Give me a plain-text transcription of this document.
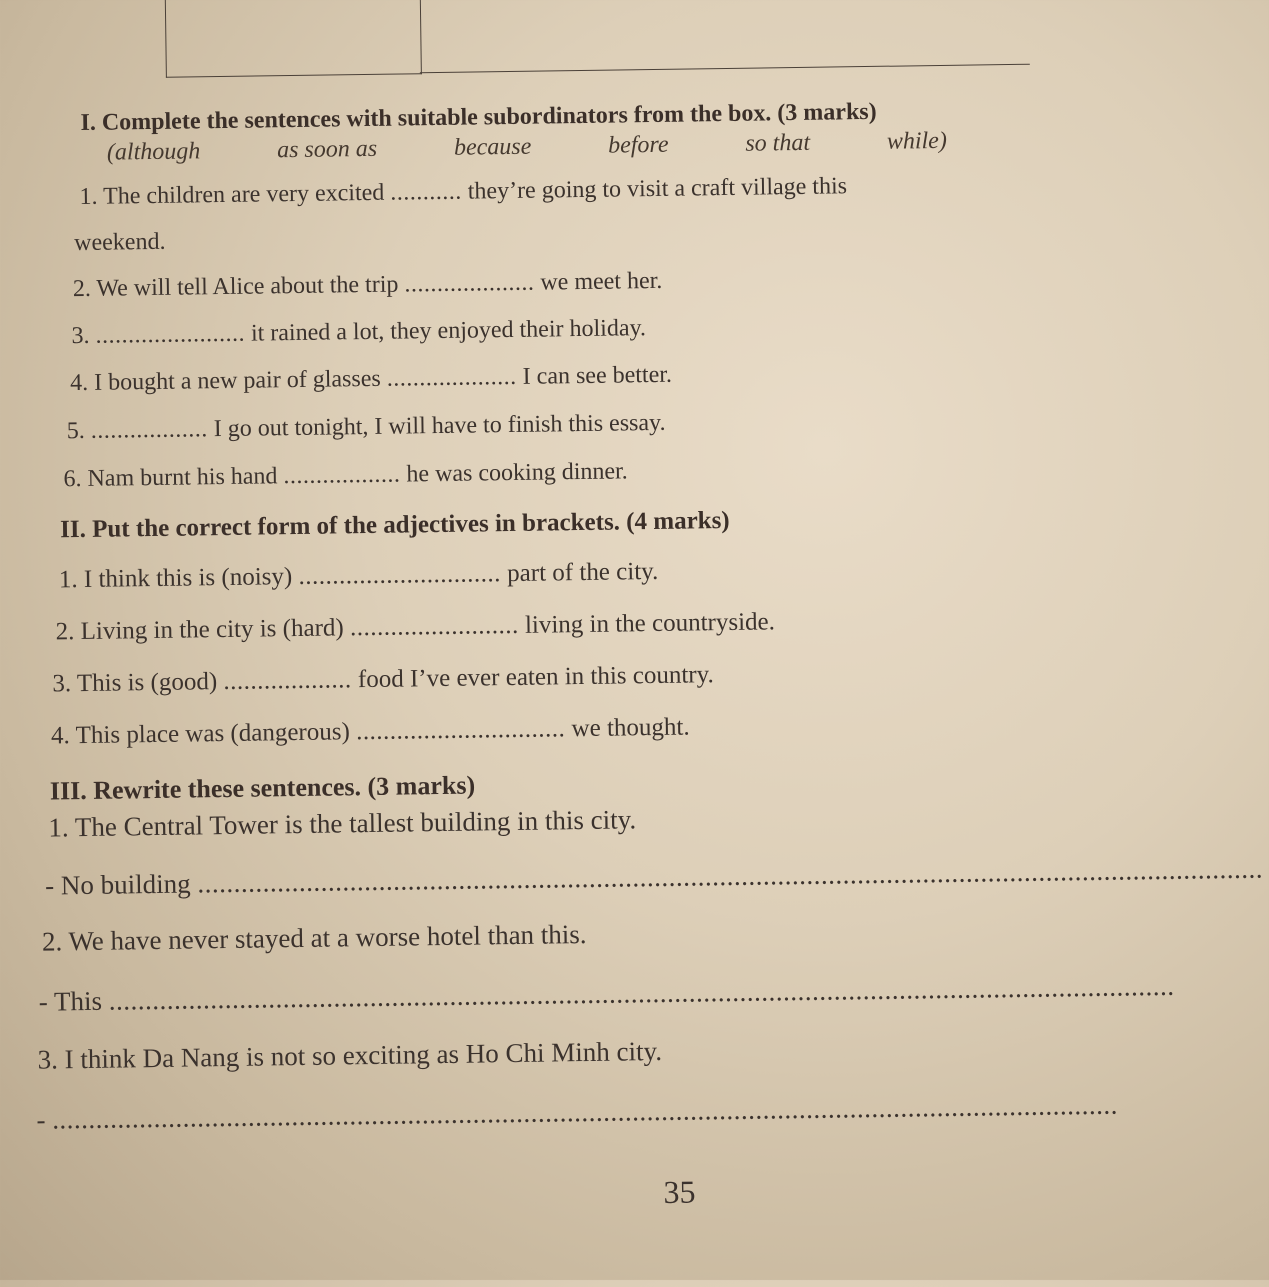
I. Complete the sentences with suitable subordinators from the box. (3 marks)
(although	as soon as	because	before	so that	while)
1. The children are very excited ........... they’re going to visit a craft village this
weekend.
2. We will tell Alice about the trip .................... we meet her.
3. ....................... it rained a lot, they enjoyed their holiday.
4. I bought a new pair of glasses .................... I can see better.
5. .................. I go out tonight, I will have to finish this essay.
6. Nam burnt his hand .................. he was cooking dinner.
II. Put the correct form of the adjectives in brackets. (4 marks)
1. I think this is (noisy) .............................. part of the city.
2. Living in the city is (hard) ......................... living in the countryside.
3. This is (good) ................... food I’ve ever eaten in this country.
4. This place was (dangerous) ............................... we thought.
III. Rewrite these sentences. (3 marks)
1. The Central Tower is the tallest building in this city.
- No building ...................................................................................................................................................
2. We have never stayed at a worse hotel than this.
- This ...................................................................................................................................................
3. I think Da Nang is not so exciting as Ho Chi Minh city.
- ...................................................................................................................................................
35
